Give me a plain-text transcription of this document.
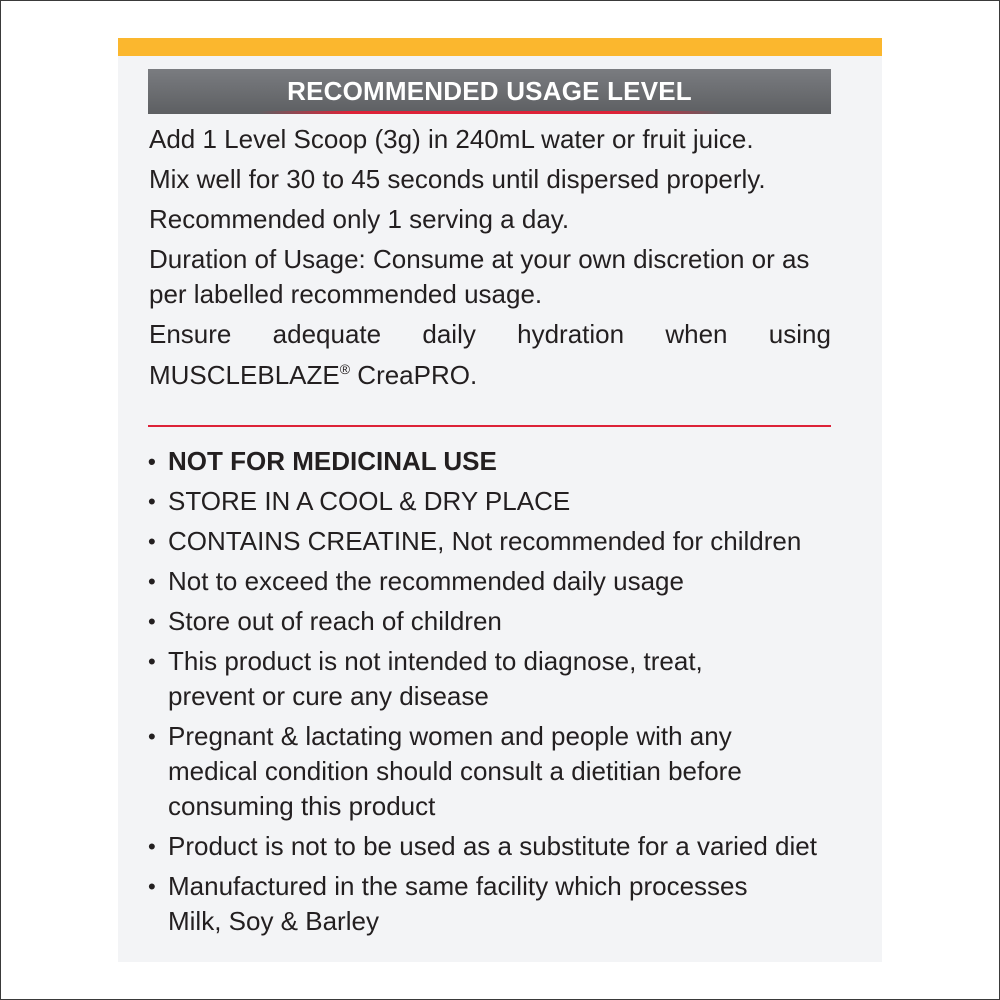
RECOMMENDED USAGE LEVEL

Add 1 Level Scoop (3g) in 240mL water or fruit juice.

Mix well for 30 to 45 seconds until dispersed properly.

Recommended only 1 serving a day.

Duration of Usage: Consume at your own discretion or as
per labelled recommended usage.

Ensure adequate daily hydration when using
MUSCLEBLAZE® CreaPRO.

• NOT FOR MEDICINAL USE
• STORE IN A COOL & DRY PLACE
• CONTAINS CREATINE, Not recommended for children
• Not to exceed the recommended daily usage
• Store out of reach of children
• This product is not intended to diagnose, treat,
prevent or cure any disease
• Pregnant & lactating women and people with any
medical condition should consult a dietitian before
consuming this product
• Product is not to be used as a substitute for a varied diet
• Manufactured in the same facility which processes
Milk, Soy & Barley
